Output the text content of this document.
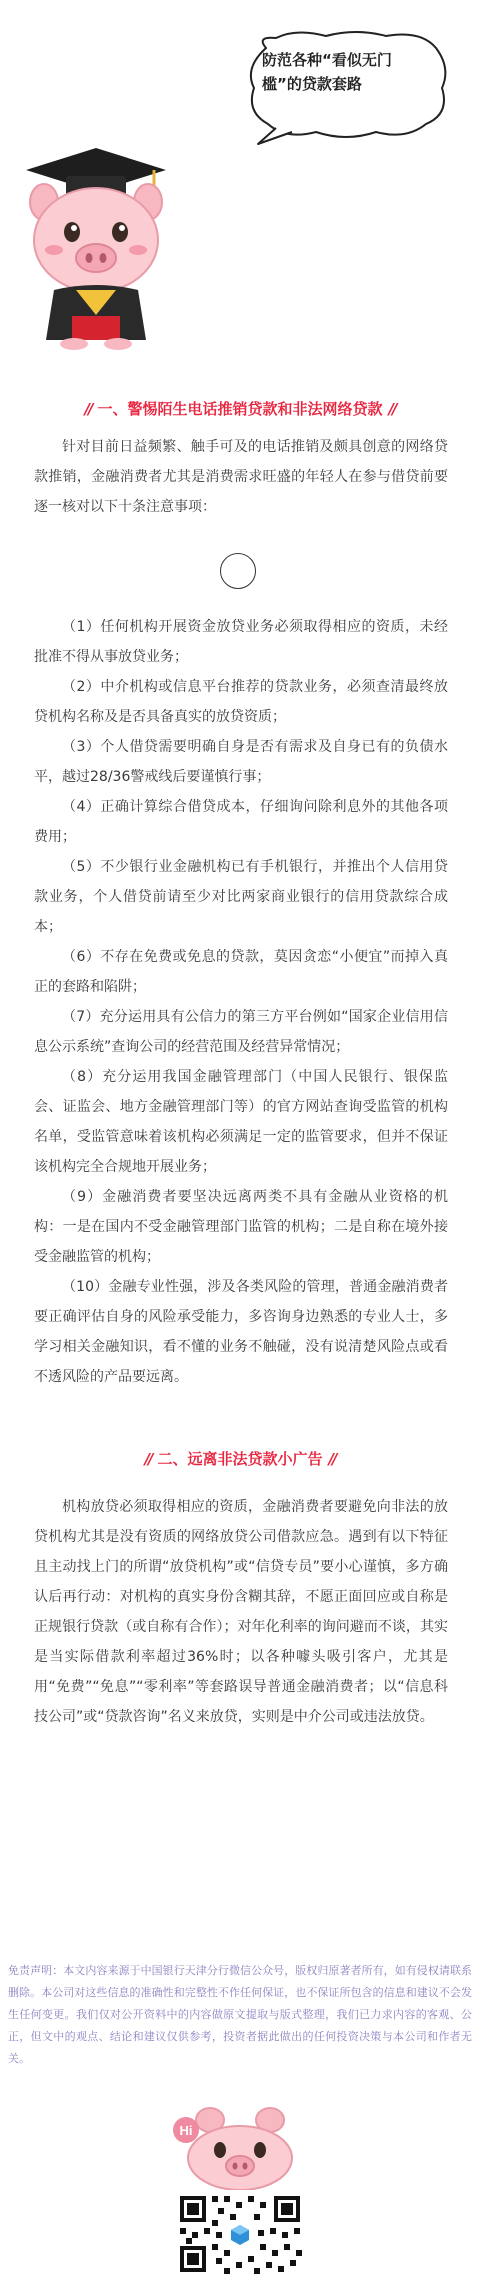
防范各种“看似无门槛”的贷款套路
// 一、警惕陌生电话推销贷款和非法网络贷款 //
针对目前日益频繁、触手可及的电话推销及颇具创意的网络贷款推销，金融消费者尤其是消费需求旺盛的年轻人在参与借贷前要逐一核对以下十条注意事项：
（1）任何机构开展资金放贷业务必须取得相应的资质，未经批准不得从事放贷业务；
（2）中介机构或信息平台推荐的贷款业务，必须查清最终放贷机构名称及是否具备真实的放贷资质；
（3）个人借贷需要明确自身是否有需求及自身已有的负债水平，越过28/36警戒线后要谨慎行事；
（4）正确计算综合借贷成本，仔细询问除利息外的其他各项费用；
（5）不少银行业金融机构已有手机银行，并推出个人信用贷款业务，个人借贷前请至少对比两家商业银行的信用贷款综合成本；
（6）不存在免费或免息的贷款，莫因贪恋“小便宜”而掉入真正的套路和陷阱；
（7）充分运用具有公信力的第三方平台例如“国家企业信用信息公示系统”查询公司的经营范围及经营异常情况；
（8）充分运用我国金融管理部门（中国人民银行、银保监会、证监会、地方金融管理部门等）的官方网站查询受监管的机构名单，受监管意味着该机构必须满足一定的监管要求，但并不保证该机构完全合规地开展业务；
（9）金融消费者要坚决远离两类不具有金融从业资格的机构：一是在国内不受金融管理部门监管的机构；二是自称在境外接受金融监管的机构；
（10）金融专业性强，涉及各类风险的管理，普通金融消费者要正确评估自身的风险承受能力，多咨询身边熟悉的专业人士，多学习相关金融知识，看不懂的业务不触碰，没有说清楚风险点或看不透风险的产品要远离。
// 二、远离非法贷款小广告 //
机构放贷必须取得相应的资质，金融消费者要避免向非法的放贷机构尤其是没有资质的网络放贷公司借款应急。遇到有以下特征且主动找上门的所谓“放贷机构”或“信贷专员”要小心谨慎，多方确认后再行动：对机构的真实身份含糊其辞，不愿正面回应或自称是正规银行贷款（或自称有合作）；对年化利率的询问避而不谈，其实是当实际借款利率超过36%时；以各种噱头吸引客户，尤其是用“免费”“免息”“零利率”等套路误导普通金融消费者；以“信息科技公司”或“贷款咨询”名义来放贷，实则是中介公司或违法放贷。
免责声明：本文内容来源于中国银行天津分行微信公众号，版权归原著者所有，如有侵权请联系删除。本公司对这些信息的准确性和完整性不作任何保证，也不保证所包含的信息和建议不会发生任何变更。我们仅对公开资料中的内容做原文提取与版式整理，我们已力求内容的客观、公正，但文中的观点、结论和建议仅供参考，投资者据此做出的任何投资决策与本公司和作者无关。
Hi
